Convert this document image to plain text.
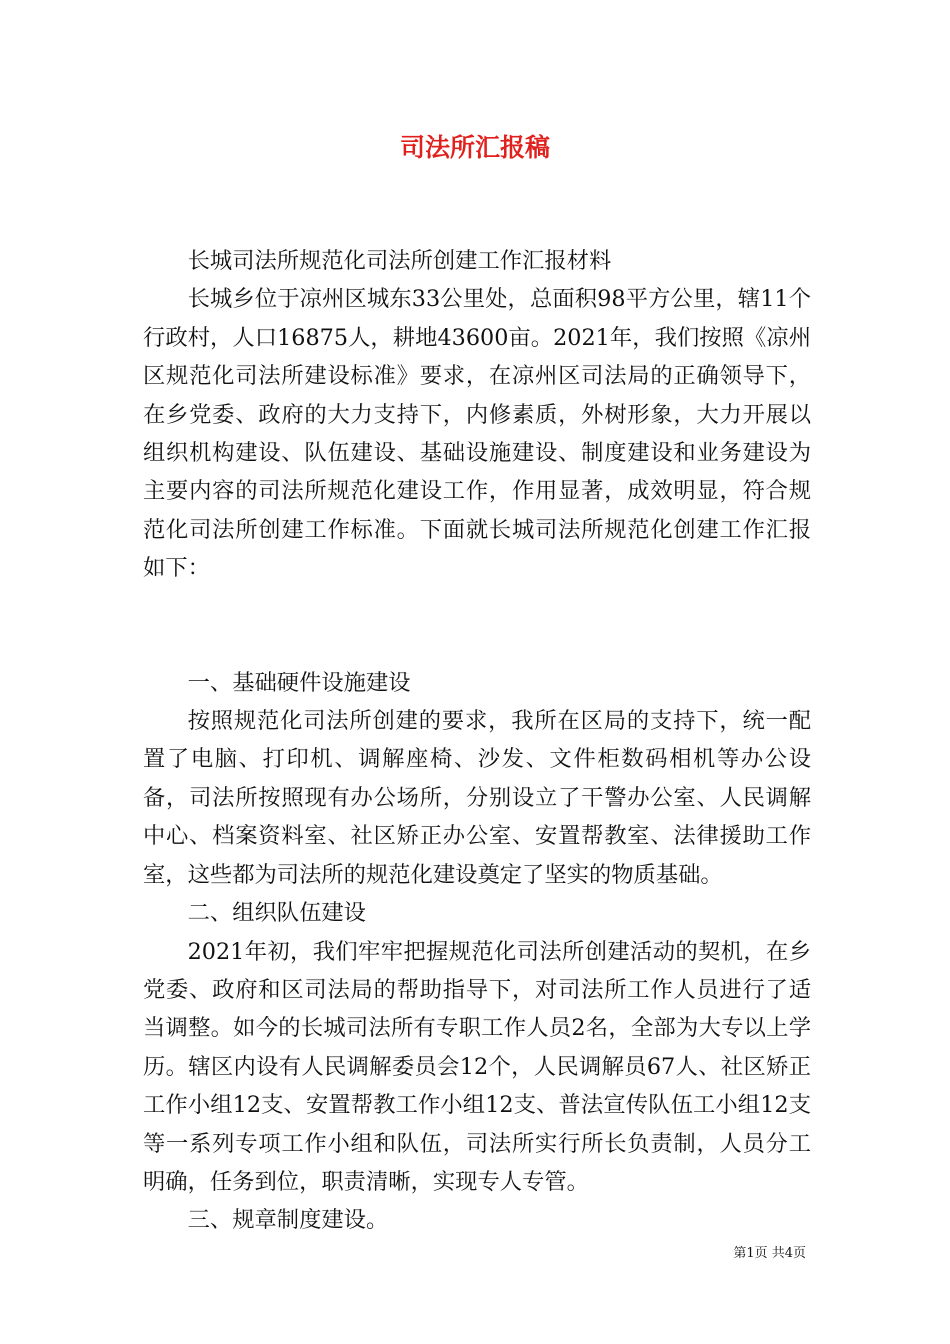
司法所汇报稿

长城司法所规范化司法所创建工作汇报材料

长城乡位于凉州区城东33公里处，总面积98平方公里，辖11个行政村，人口16875人，耕地43600亩。2021年，我们按照《凉州区规范化司法所建设标准》要求，在凉州区司法局的正确领导下，在乡党委、政府的大力支持下，内修素质，外树形象，大力开展以组织机构建设、队伍建设、基础设施建设、制度建设和业务建设为主要内容的司法所规范化建设工作，作用显著，成效明显，符合规范化司法所创建工作标准。下面就长城司法所规范化创建工作汇报如下：

一、基础硬件设施建设

按照规范化司法所创建的要求，我所在区局的支持下，统一配置了电脑、打印机、调解座椅、沙发、文件柜数码相机等办公设备，司法所按照现有办公场所，分别设立了干警办公室、人民调解中心、档案资料室、社区矫正办公室、安置帮教室、法律援助工作室，这些都为司法所的规范化建设奠定了坚实的物质基础。

二、组织队伍建设

2021年初，我们牢牢把握规范化司法所创建活动的契机，在乡党委、政府和区司法局的帮助指导下，对司法所工作人员进行了适当调整。如今的长城司法所有专职工作人员2名，全部为大专以上学历。辖区内设有人民调解委员会12个，人民调解员67人、社区矫正工作小组12支、安置帮教工作小组12支、普法宣传队伍工小组12支等一系列专项工作小组和队伍，司法所实行所长负责制，人员分工明确，任务到位，职责清晰，实现专人专管。

三、规章制度建设。

第1页 共4页
